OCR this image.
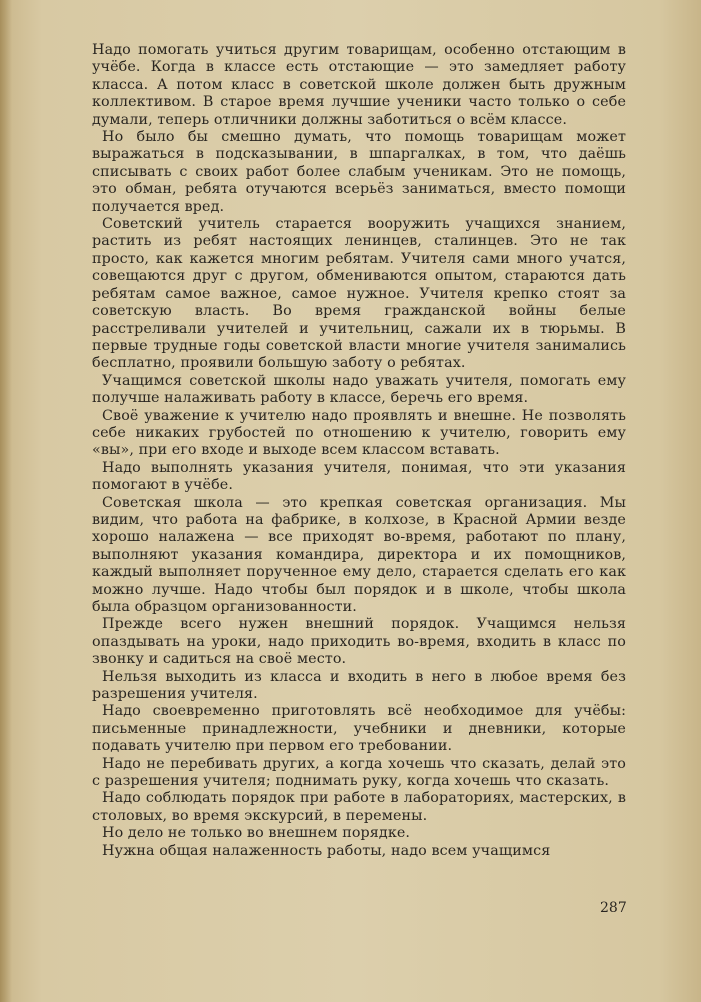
Надо помогать учиться другим товарищам, особенно отстающим в учёбе. Когда в классе есть отстающие — это замедляет работу класса. А потом класс в советской школе должен быть дружным коллективом. В старое время лучшие ученики часто только о себе думали, теперь отличники должны заботиться о всём классе.

Но было бы смешно думать, что помощь товарищам может выражаться в подсказывании, в шпаргалках, в том, что даёшь списывать с своих работ более слабым ученикам. Это не помощь, это обман, ребята отучаются всерьёз заниматься, вместо помощи получается вред.

Советский учитель старается вооружить учащихся знанием, растить из ребят настоящих ленинцев, сталинцев. Это не так просто, как кажется многим ребятам. Учителя сами много учатся, совещаются друг с другом, обмениваются опытом, стараются дать ребятам самое важное, самое нужное. Учителя крепко стоят за советскую власть. Во время гражданской войны белые расстреливали учителей и учительниц, сажали их в тюрьмы. В первые трудные годы советской власти многие учителя занимались бесплатно, проявили большую заботу о ребятах.

Учащимся советской школы надо уважать учителя, помогать ему получше налаживать работу в классе, беречь его время.

Своё уважение к учителю надо проявлять и внешне. Не позволять себе никаких грубостей по отношению к учителю, говорить ему «вы», при его входе и выходе всем классом вставать.

Надо выполнять указания учителя, понимая, что эти указания помогают в учёбе.

Советская школа — это крепкая советская организация. Мы видим, что работа на фабрике, в колхозе, в Красной Армии везде хорошо налажена — все приходят во-время, работают по плану, выполняют указания командира, директора и их помощников, каждый выполняет порученное ему дело, старается сделать его как можно лучше. Надо чтобы был порядок и в школе, чтобы школа была образцом организованности.

Прежде всего нужен внешний порядок. Учащимся нельзя опаздывать на уроки, надо приходить во-время, входить в класс по звонку и садиться на своё место.

Нельзя выходить из класса и входить в него в любое время без разрешения учителя.

Надо своевременно приготовлять всё необходимое для учёбы: письменные принадлежности, учебники и дневники, которые подавать учителю при первом его требовании.

Надо не перебивать других, а когда хочешь что сказать, делай это с разрешения учителя; поднимать руку, когда хочешь что сказать.

Надо соблюдать порядок при работе в лабораториях, мастерских, в столовых, во время экскурсий, в перемены.

Но дело не только во внешнем порядке.

Нужна общая налаженность работы, надо всем учащимся

287
